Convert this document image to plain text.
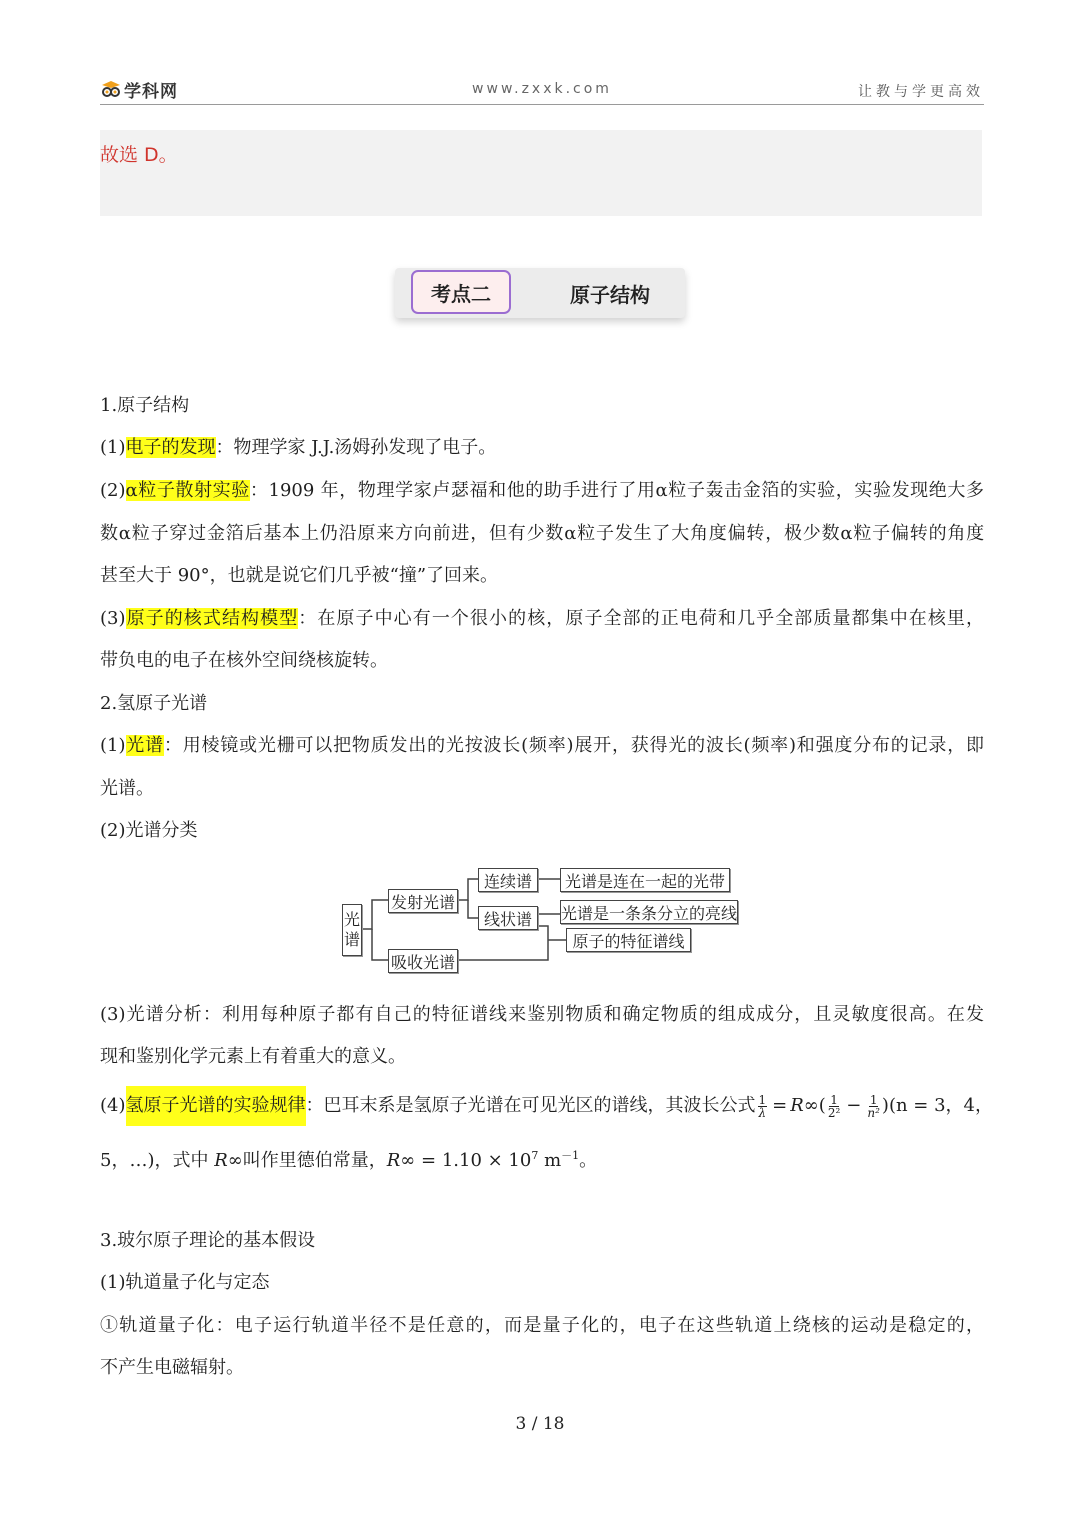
学科网	www.zxxk.com	让教与学更高效
故选 D。
考点二	原子结构
1.原子结构
(1)电子的发现：物理学家 J.J.汤姆孙发现了电子。
(2)α粒子散射实验：1909 年，物理学家卢瑟福和他的助手进行了用α粒子轰击金箔的实验，实验发现绝大多
数α粒子穿过金箔后基本上仍沿原来方向前进，但有少数α粒子发生了大角度偏转，极少数α粒子偏转的角度
甚至大于 90°，也就是说它们几乎被“撞”了回来。
(3)原子的核式结构模型：在原子中心有一个很小的核，原子全部的正电荷和几乎全部质量都集中在核里，
带负电的电子在核外空间绕核旋转。
2.氢原子光谱
(1)光谱：用棱镜或光栅可以把物质发出的光按波长(频率)展开，获得光的波长(频率)和强度分布的记录，即
光谱。
(2)光谱分类
光
谱
发射光谱
吸收光谱
连续谱
线状谱
光谱是连在一起的光带
光谱是一条条分立的亮线
原子的特征谱线
(3)光谱分析：利用每种原子都有自己的特征谱线来鉴别物质和确定物质的组成成分，且灵敏度很高。在发
现和鉴别化学元素上有着重大的意义。
(4)氢原子光谱的实验规律：巴耳末系是氢原子光谱在可见光区的谱线，其波长公式 $\frac{1}{\lambda} = R\infty$ ( $\frac{1}{\text{2²}} - \frac{1}{\text{n²}} )(n = 3$，4，
5，…)，式中 R∞叫作里德伯常量，$R\infty = 1.10 \times 10^7$ $m^{-1}$。
3.玻尔原子理论的基本假设
(1)轨道量子化与定态
①轨道量子化：电子运行轨道半径不是任意的，而是量子化的，电子在这些轨道上绕核的运动是稳定的，
不产生电磁辐射。
3 / 18
